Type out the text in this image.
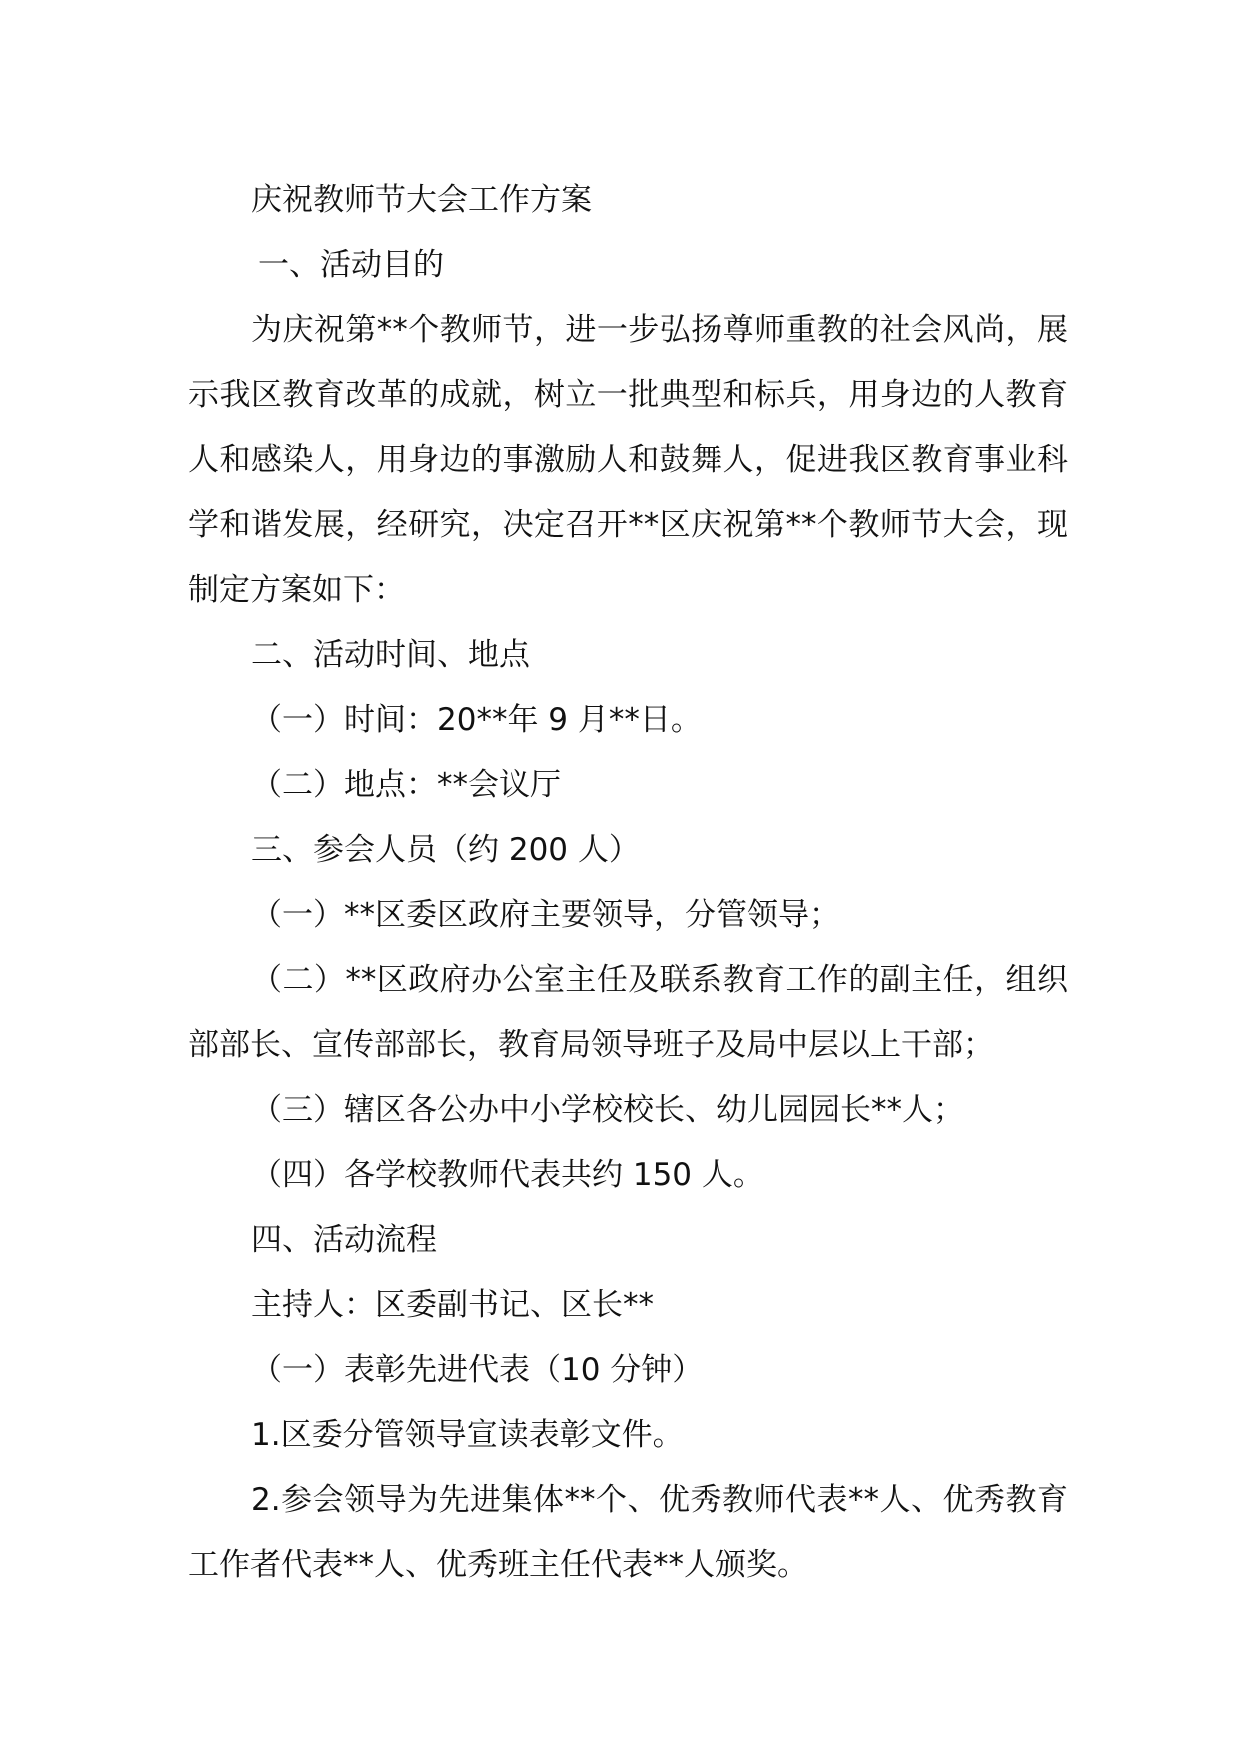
庆祝教师节大会工作方案

一、活动目的

为庆祝第**个教师节，进一步弘扬尊师重教的社会风尚，展示我区教育改革的成就，树立一批典型和标兵，用身边的人教育人和感染人，用身边的事激励人和鼓舞人，促进我区教育事业科学和谐发展，经研究，决定召开**区庆祝第**个教师节大会，现制定方案如下：

二、活动时间、地点

（一）时间：20**年 9 月**日。

（二）地点：**会议厅

三、参会人员（约 200 人）

（一）**区委区政府主要领导，分管领导；

（二）**区政府办公室主任及联系教育工作的副主任，组织部部长、宣传部部长，教育局领导班子及局中层以上干部；

（三）辖区各公办中小学校校长、幼儿园园长**人；

（四）各学校教师代表共约 150 人。

四、活动流程

主持人：区委副书记、区长**

（一）表彰先进代表（10 分钟）

1.区委分管领导宣读表彰文件。

2.参会领导为先进集体**个、优秀教师代表**人、优秀教育工作者代表**人、优秀班主任代表**人颁奖。
